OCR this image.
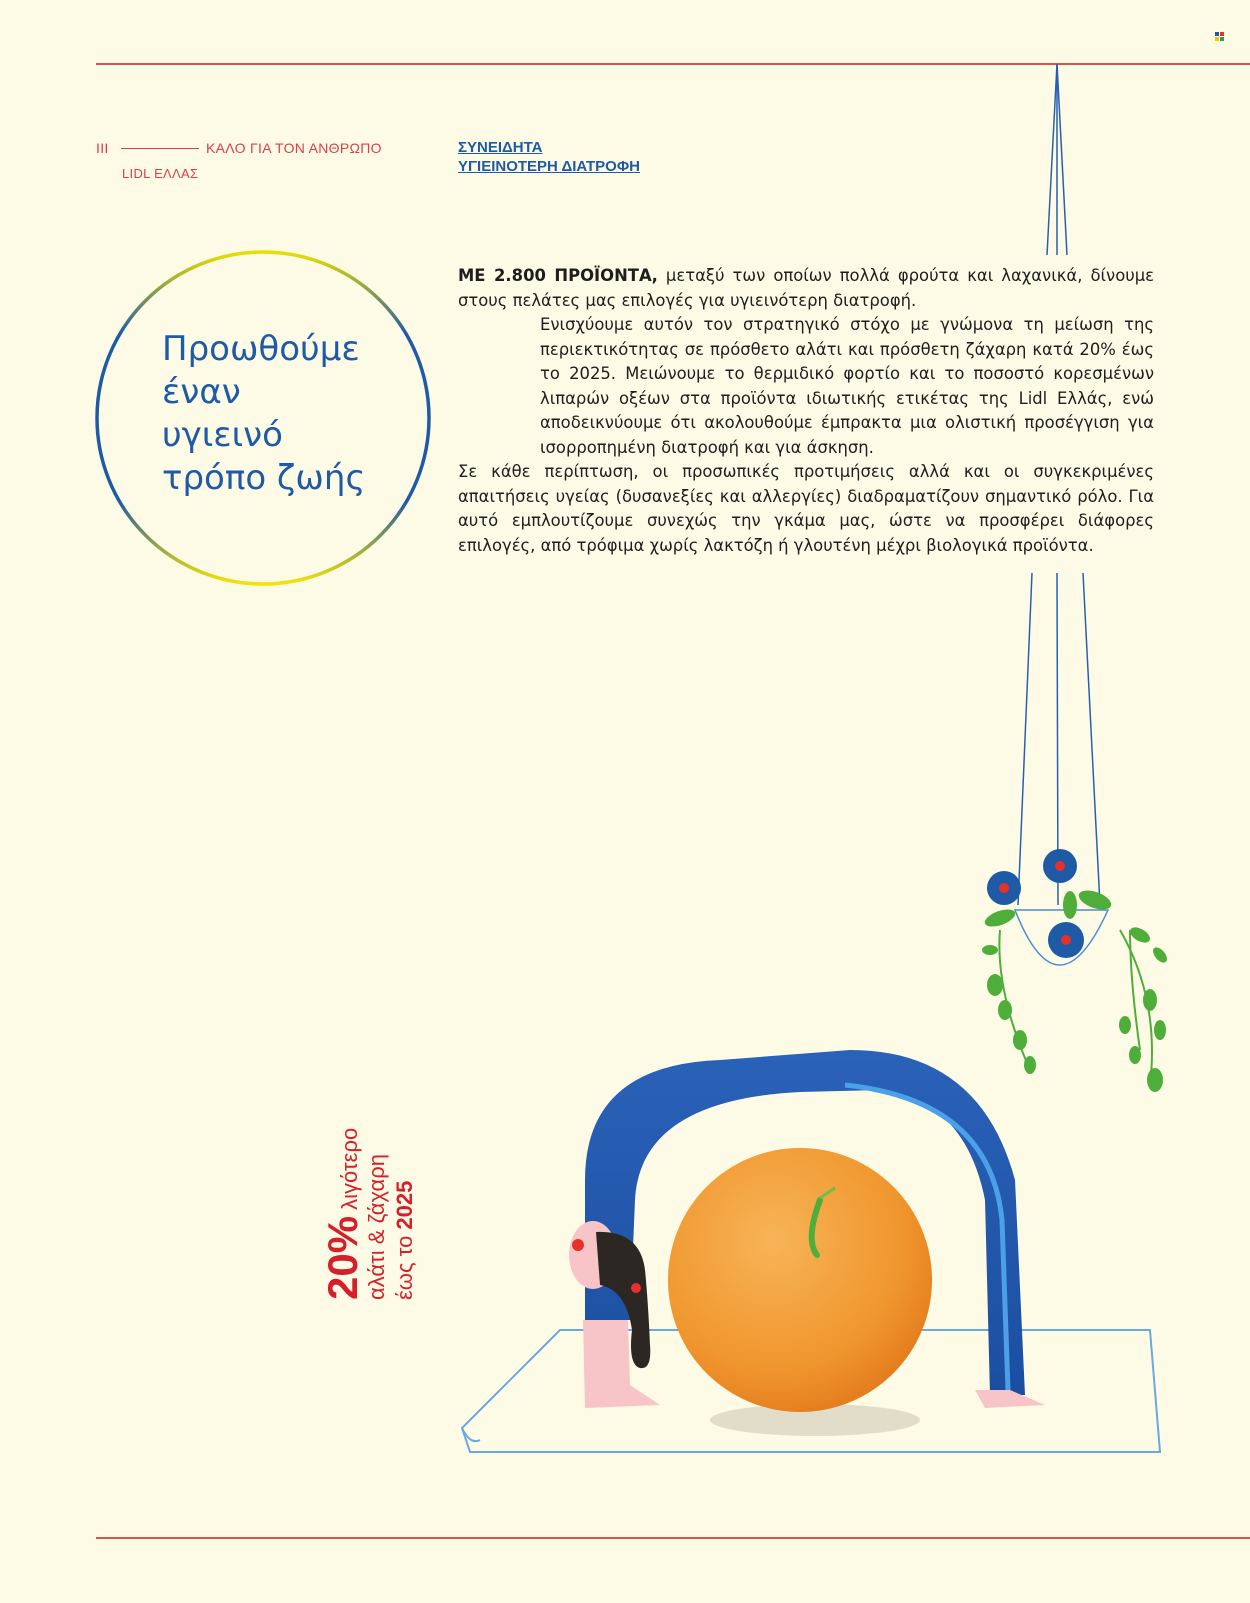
III	ΚΑΛΟ ΓΙΑ ΤΟΝ ΑΝΘΡΩΠΟ
LIDL ΕΛΛΑΣ
ΣΥΝΕΙΔΗΤΑ
ΥΓΙΕΙΝΟΤΕΡΗ ΔΙΑΤΡΟΦΗ
Προωθούμε
έναν
υγιεινό
τρόπο ζωής

ΜΕ 2.800 ΠΡΟΪΟΝΤΑ, μεταξύ των οποίων πολλά φρούτα και λαχανικά, δίνουμε στους πελάτες μας επιλογές για υγιεινότερη διατροφή.

Ενισχύουμε αυτόν τον στρατηγικό στόχο με γνώμονα τη μείωση της περιεκτικότητας σε πρόσθετο αλάτι και πρόσθετη ζάχαρη κατά 20% έως το 2025. Μειώνουμε το θερμιδικό φορτίο και το ποσοστό κορεσμένων λιπαρών οξέων στα προϊόντα ιδιωτικής ετικέτας της Lidl Ελλάς, ενώ αποδεικνύουμε ότι ακολουθούμε έμπρακτα μια ολιστική προσέγγιση για ισορροπημένη διατροφή και για άσκηση.

Σε κάθε περίπτωση, οι προσωπικές προτιμήσεις αλλά και οι συγκεκριμένες απαιτήσεις υγείας (δυσανεξίες και αλλεργίες) διαδραματίζουν σημαντικό ρόλο. Για αυτό εμπλουτίζουμε συνεχώς την γκάμα μας, ώστε να προσφέρει διάφορες επιλογές, από τρόφιμα χωρίς λακτόζη ή γλουτένη μέχρι βιολογικά προϊόντα.

20% λιγότερο αλάτι & ζάχαρη έως το 2025
